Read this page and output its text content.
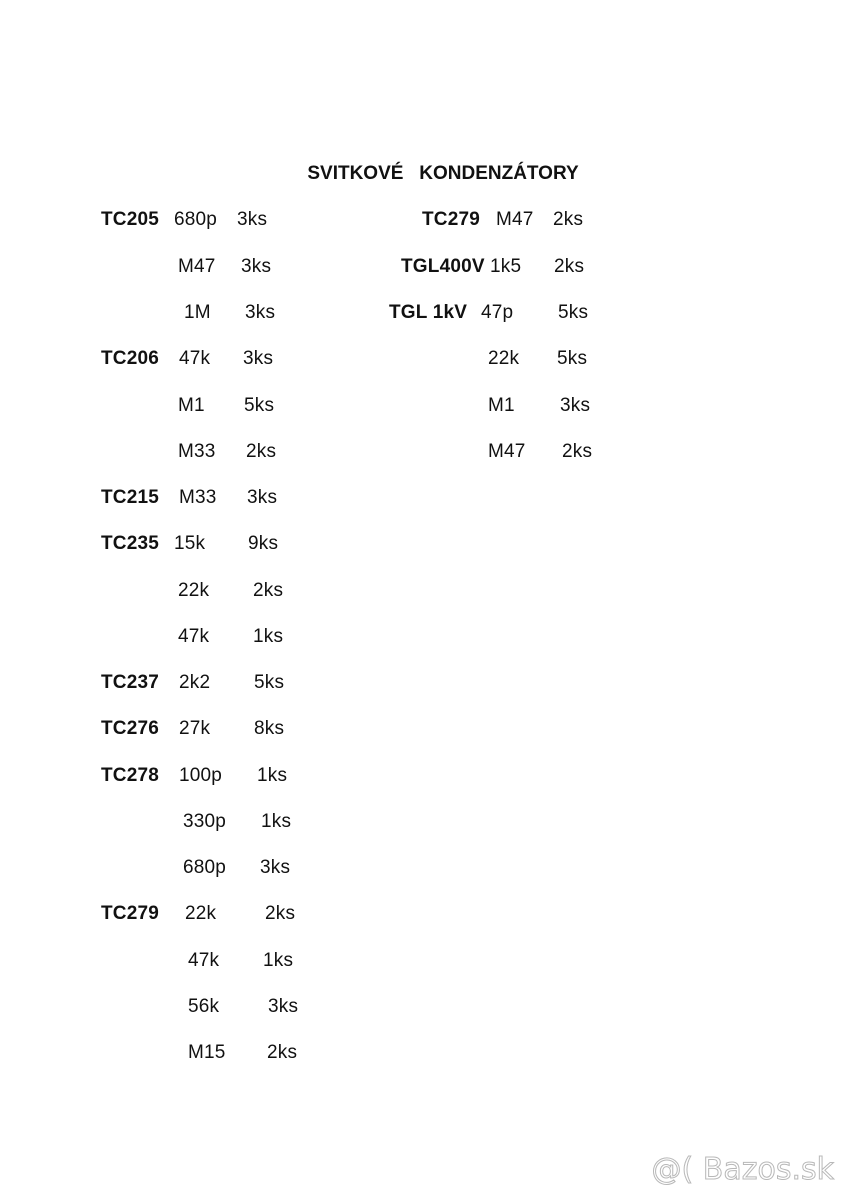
SVITKOVÉ   KONDENZÁTORY
TC205 680p 3ks
M47 3ks
1M 3ks
TC206 47k 3ks
M1 5ks
M33 2ks
TC215 M33 3ks
TC235 15k 9ks
22k 2ks
47k 1ks
TC237 2k2 5ks
TC276 27k 8ks
TC278 100p 1ks
330p 1ks
680p 3ks
TC279 22k	2ks
47k 1ks
56k	3ks
M15 2ks
TC279 M47 2ks
TGL400V 1k5 2ks
TGL 1kV 47p 5ks
22k 5ks
M1 3ks
M47 2ks
@( Bazos.sk
